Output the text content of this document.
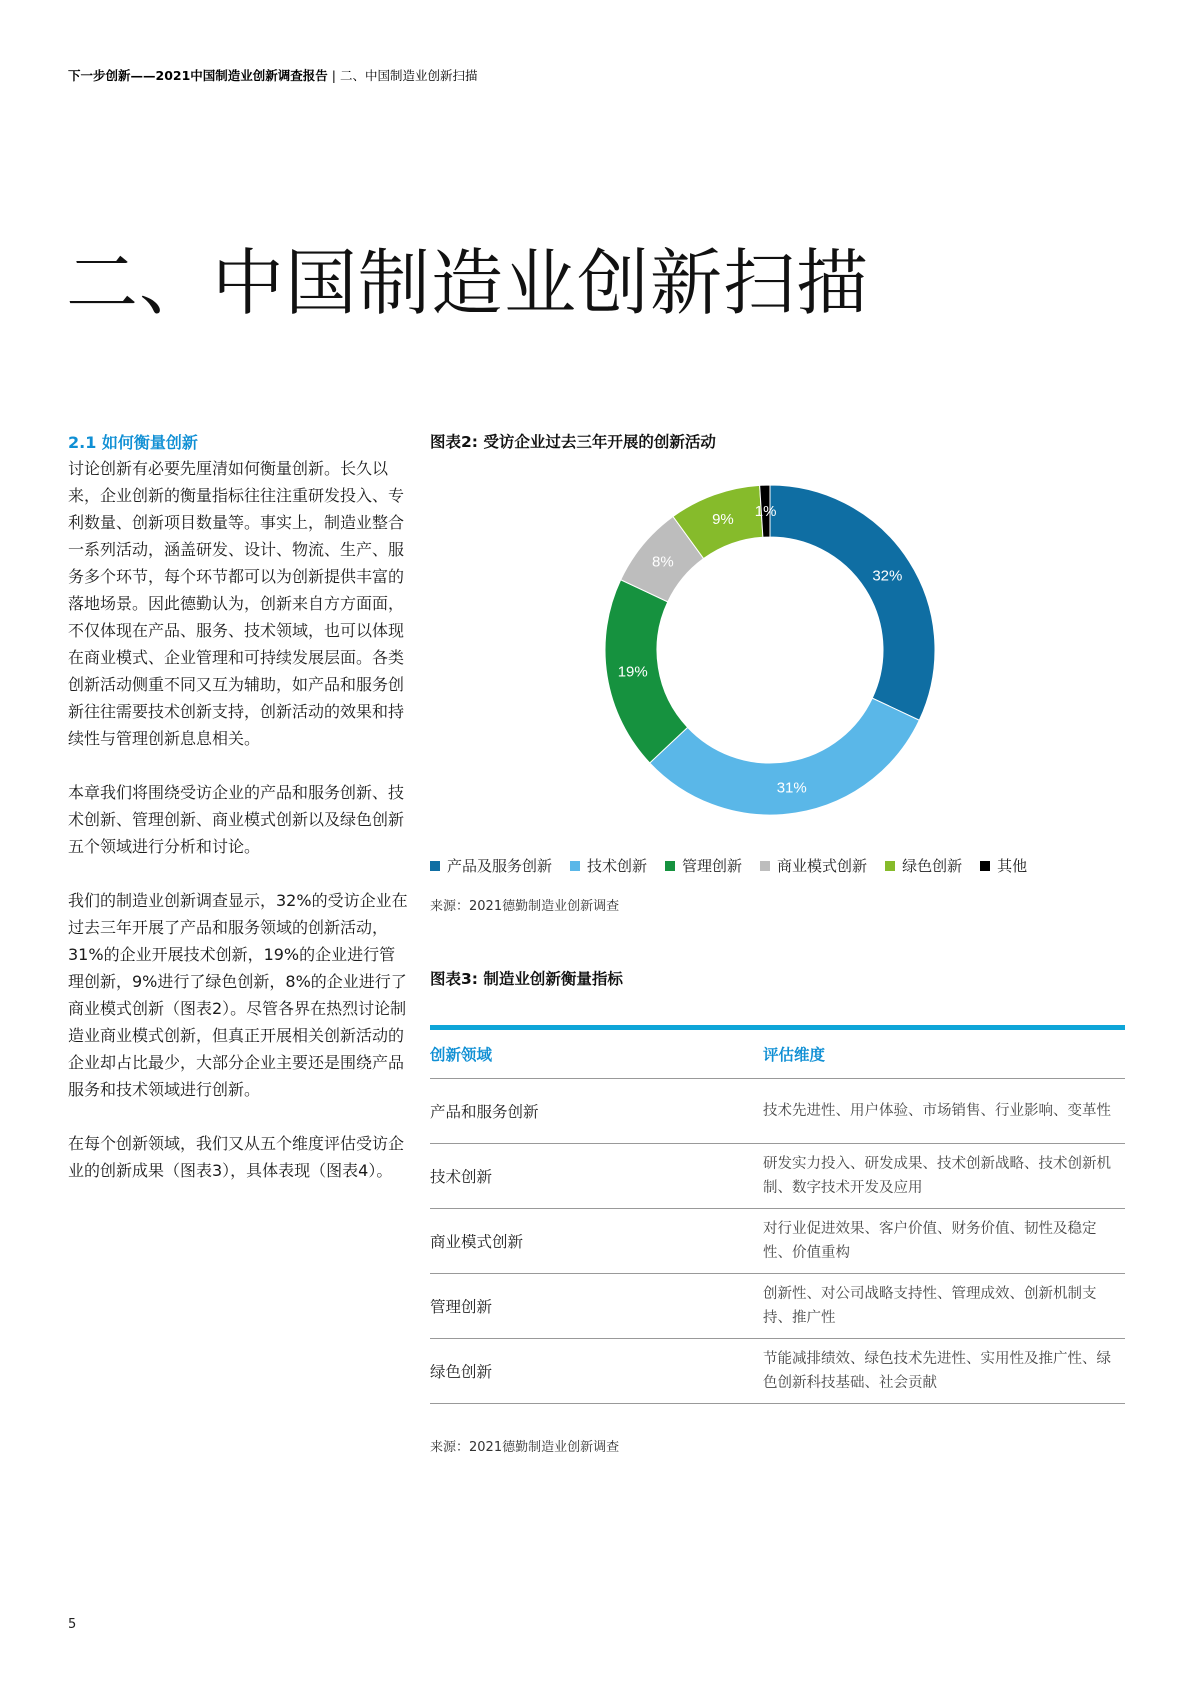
下一步创新——2021中国制造业创新调查报告 | 二、中国制造业创新扫描
二、中国制造业创新扫描
2.1 如何衡量创新

讨论创新有必要先厘清如何衡量创新。长久以来，企业创新的衡量指标往往注重研发投入、专利数量、创新项目数量等。事实上，制造业整合一系列活动，涵盖研发、设计、物流、生产、服务多个环节，每个环节都可以为创新提供丰富的落地场景。因此德勤认为，创新来自方方面面，不仅体现在产品、服务、技术领域，也可以体现在商业模式、企业管理和可持续发展层面。各类创新活动侧重不同又互为辅助，如产品和服务创新往往需要技术创新支持，创新活动的效果和持续性与管理创新息息相关。

本章我们将围绕受访企业的产品和服务创新、技术创新、管理创新、商业模式创新以及绿色创新五个领域进行分析和讨论。

我们的制造业创新调查显示，32%的受访企业在过去三年开展了产品和服务领域的创新活动，31%的企业开展技术创新，19%的企业进行管理创新，9%进行了绿色创新，8%的企业进行了商业模式创新（图表2）。尽管各界在热烈讨论制造业商业模式创新，但真正开展相关创新活动的企业却占比最少，大部分企业主要还是围绕产品服务和技术领域进行创新。

在每个创新领域，我们又从五个维度评估受访企业的创新成果（图表3），具体表现（图表4）。

图表2: 受访企业过去三年开展的创新活动
32%
31%
19%
8%
9% 1%
产品及服务创新 技术创新 管理创新 商业模式创新 绿色创新 其他
来源：2021德勤制造业创新调查
图表3: 制造业创新衡量指标
创新领域	评估维度
产品和服务创新	技术先进性、用户体验、市场销售、行业影响、变革性
技术创新	研发实力投入、研发成果、技术创新战略、技术创新机制、数字技术开发及应用
商业模式创新	对行业促进效果、客户价值、财务价值、韧性及稳定性、价值重构
管理创新	创新性、对公司战略支持性、管理成效、创新机制支持、推广性
绿色创新	节能减排绩效、绿色技术先进性、实用性及推广性、绿色创新科技基础、社会贡献
来源：2021德勤制造业创新调查
5
